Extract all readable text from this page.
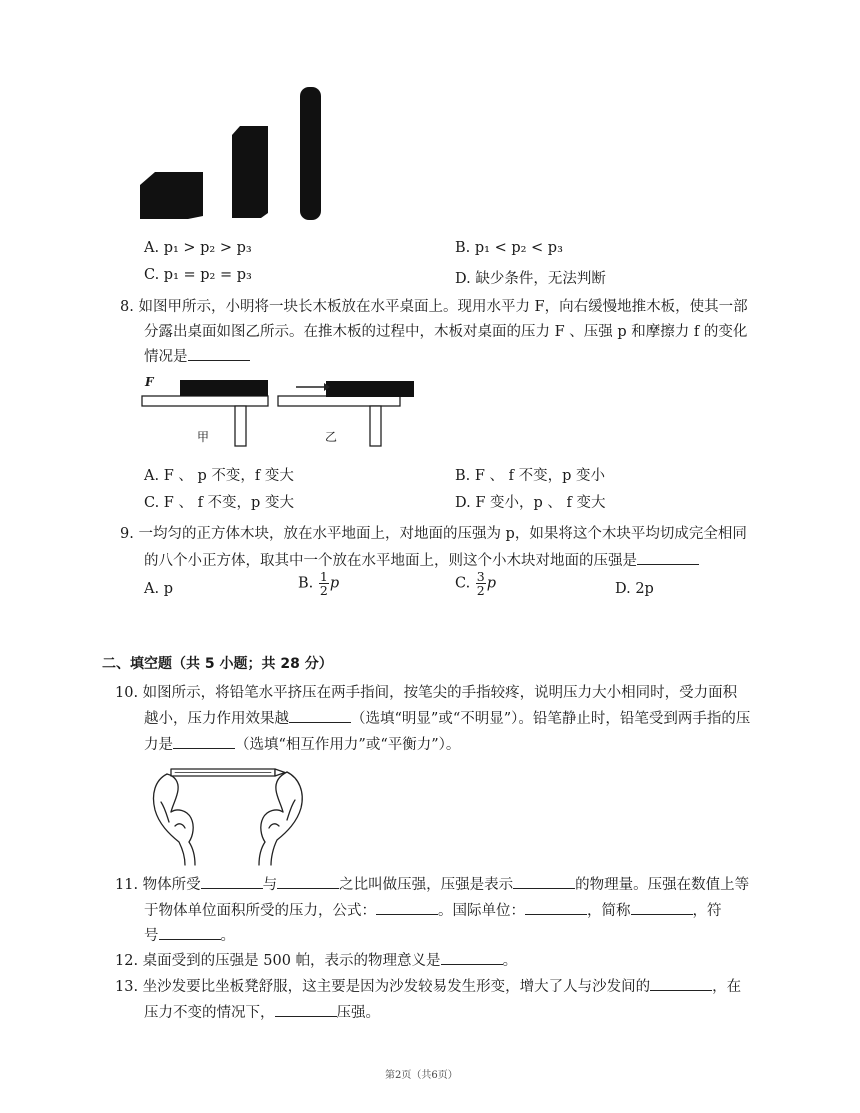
A. p₁ > p₂ > p₃	B. p₁ < p₂ < p₃
C. p₁ = p₂ = p₃	D. 缺少条件，无法判断
8. 如图甲所示，小明将一块长木板放在水平桌面上。现用水平力 F，向右缓慢地推木板，使其一部
分露出桌面如图乙所示。在推木板的过程中，木板对桌面的压力 F 、压强 p 和摩擦力 f 的变化
情况是
F
甲	乙
A. F 、 p 不变，f 变大	B. F 、 f 不变，p 变小
C. F 、 f 不变，p 变大	D. F 变小，p 、 f 变大
9. 一均匀的正方体木块，放在水平地面上，对地面的压强为 p，如果将这个木块平均切成完全相同
的八个小正方体，取其中一个放在水平地面上，则这个小木块对地面的压强是
A. p	B. $\frac{1}{2}$ p	C. $\frac{3}{2}$ p	D. 2p
二、填空题（共 5 小题；共 28 分）
10. 如图所示，将铅笔水平挤压在两手指间，按笔尖的手指较疼，说明压力大小相同时，受力面积
越小，压力作用效果越	（选填“明显”或“不明显”）。铅笔静止时，铅笔受到两手指的压
力是	（选填“相互作用力”或“平衡力”）。
11. 物体所受	与	之比叫做压强，压强是表示	的物理量。压强在数值上等
于物体单位面积所受的压力，公式：	。国际单位：	，简称	，符
号	。
12. 桌面受到的压强是 500 帕，表示的物理意义是	。
13. 坐沙发要比坐板凳舒服，这主要是因为沙发较易发生形变，增大了人与沙发间的	，在
压力不变的情况下，	压强。
第2页（共6页）
